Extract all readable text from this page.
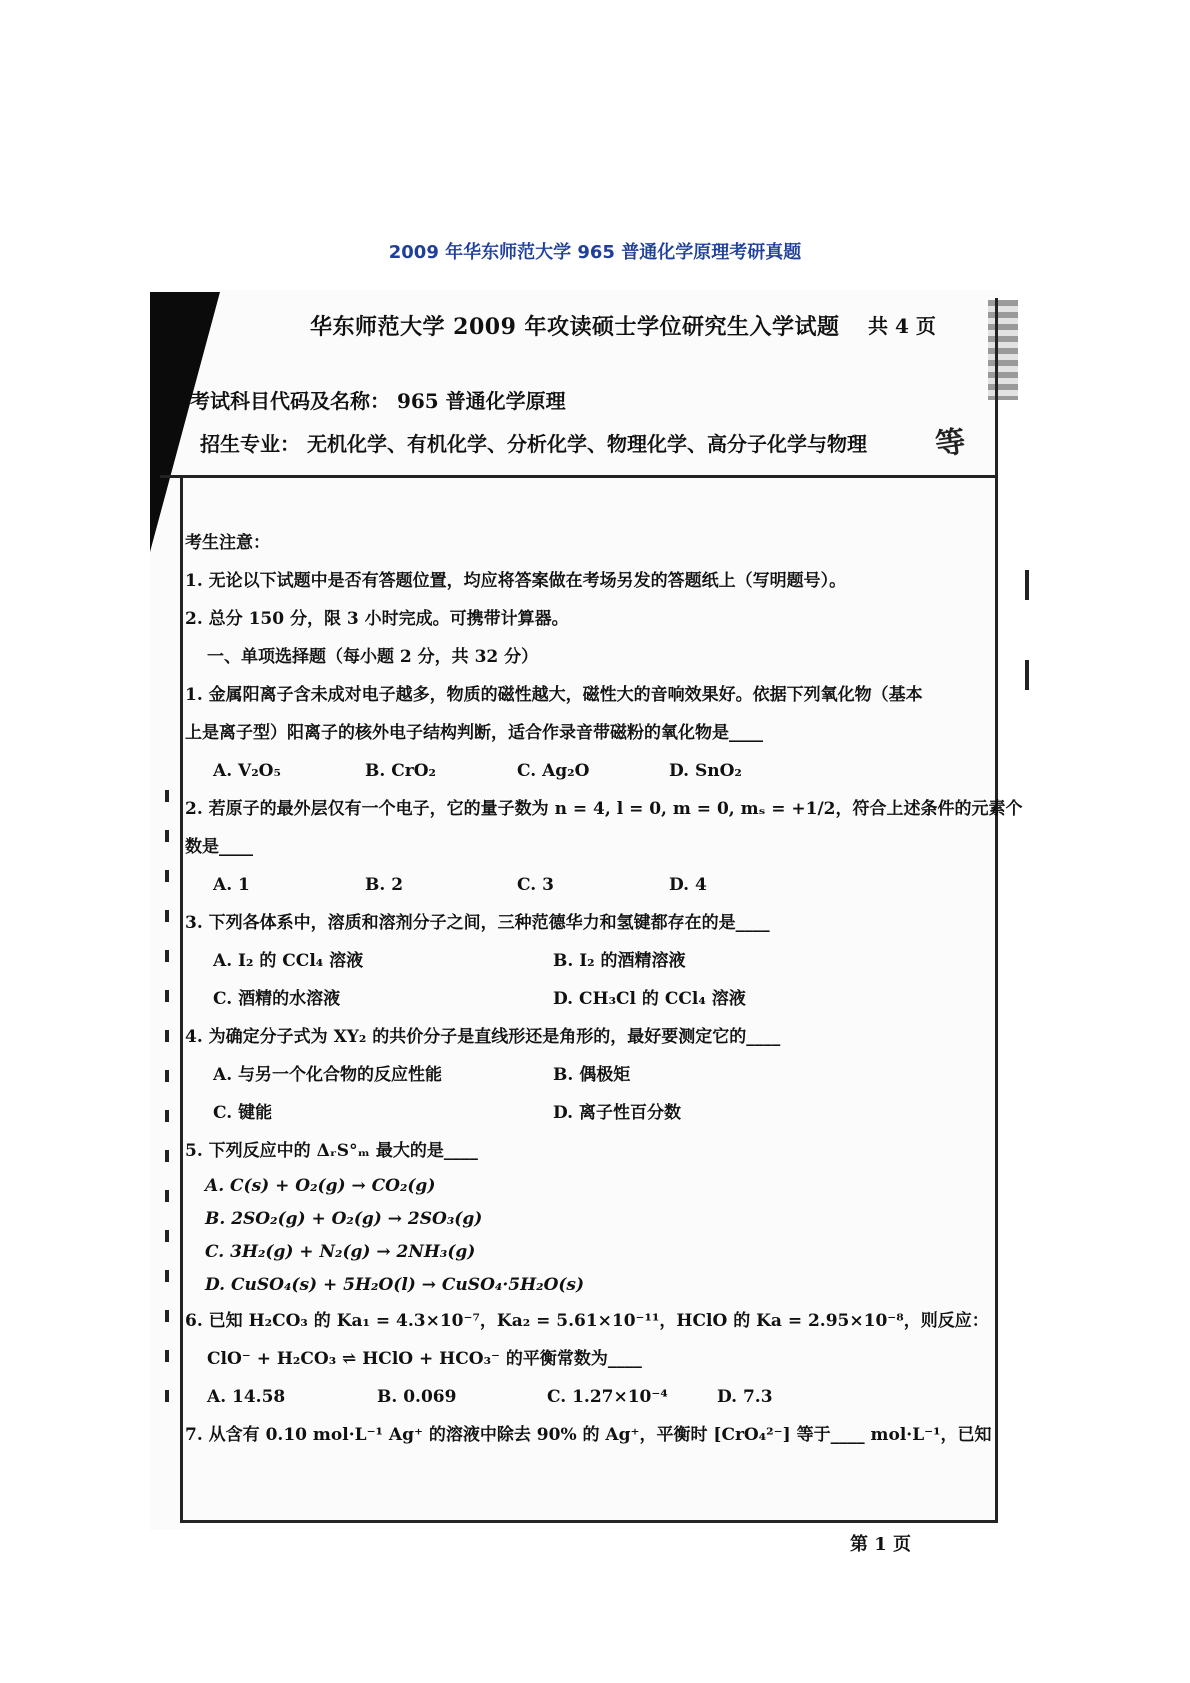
2009 年华东师范大学 965 普通化学原理考研真题
华东师范大学 2009 年攻读硕士学位研究生入学试题 共 4 页
考试科目代码及名称： 965 普通化学原理
招生专业： 无机化学、有机化学、分析化学、物理化学、高分子化学与物理 等
考生注意：
1. 无论以下试题中是否有答题位置，均应将答案做在考场另发的答题纸上（写明题号）。
2. 总分 150 分，限 3 小时完成。可携带计算器。
一、单项选择题（每小题 2 分，共 32 分）
1. 金属阳离子含未成对电子越多，物质的磁性越大，磁性大的音响效果好。依据下列氧化物（基本
上是离子型）阳离子的核外电子结构判断，适合作录音带磁粉的氧化物是____
A. V₂O₅	B. CrO₂	C. Ag₂O	D. SnO₂
2. 若原子的最外层仅有一个电子，它的量子数为 n = 4, l = 0, m = 0, mₛ = +1/2，符合上述条件的元素个
数是____
A. 1	B. 2	C. 3	D. 4
3. 下列各体系中，溶质和溶剂分子之间，三种范德华力和氢键都存在的是____
A. I₂ 的 CCl₄ 溶液	B. I₂ 的酒精溶液
C. 酒精的水溶液	D. CH₃Cl 的 CCl₄ 溶液
4. 为确定分子式为 XY₂ 的共价分子是直线形还是角形的，最好要测定它的____
A. 与另一个化合物的反应性能	B. 偶极矩
C. 键能	D. 离子性百分数
5. 下列反应中的 ΔᵣS°ₘ 最大的是____
A. C(s) + O₂(g) → CO₂(g)
B. 2SO₂(g) + O₂(g) → 2SO₃(g)
C. 3H₂(g) + N₂(g) → 2NH₃(g)
D. CuSO₄(s) + 5H₂O(l) → CuSO₄·5H₂O(s)
6. 已知 H₂CO₃ 的 Ka₁ = 4.3×10⁻⁷，Ka₂ = 5.61×10⁻¹¹，HClO 的 Ka = 2.95×10⁻⁸，则反应：
ClO⁻ + H₂CO₃ ⇌ HClO + HCO₃⁻ 的平衡常数为____
A. 14.58	B. 0.069	C. 1.27×10⁻⁴	D. 7.3
7. 从含有 0.10 mol·L⁻¹ Ag⁺ 的溶液中除去 90% 的 Ag⁺，平衡时 [CrO₄²⁻] 等于____ mol·L⁻¹，已知
第 1 页
